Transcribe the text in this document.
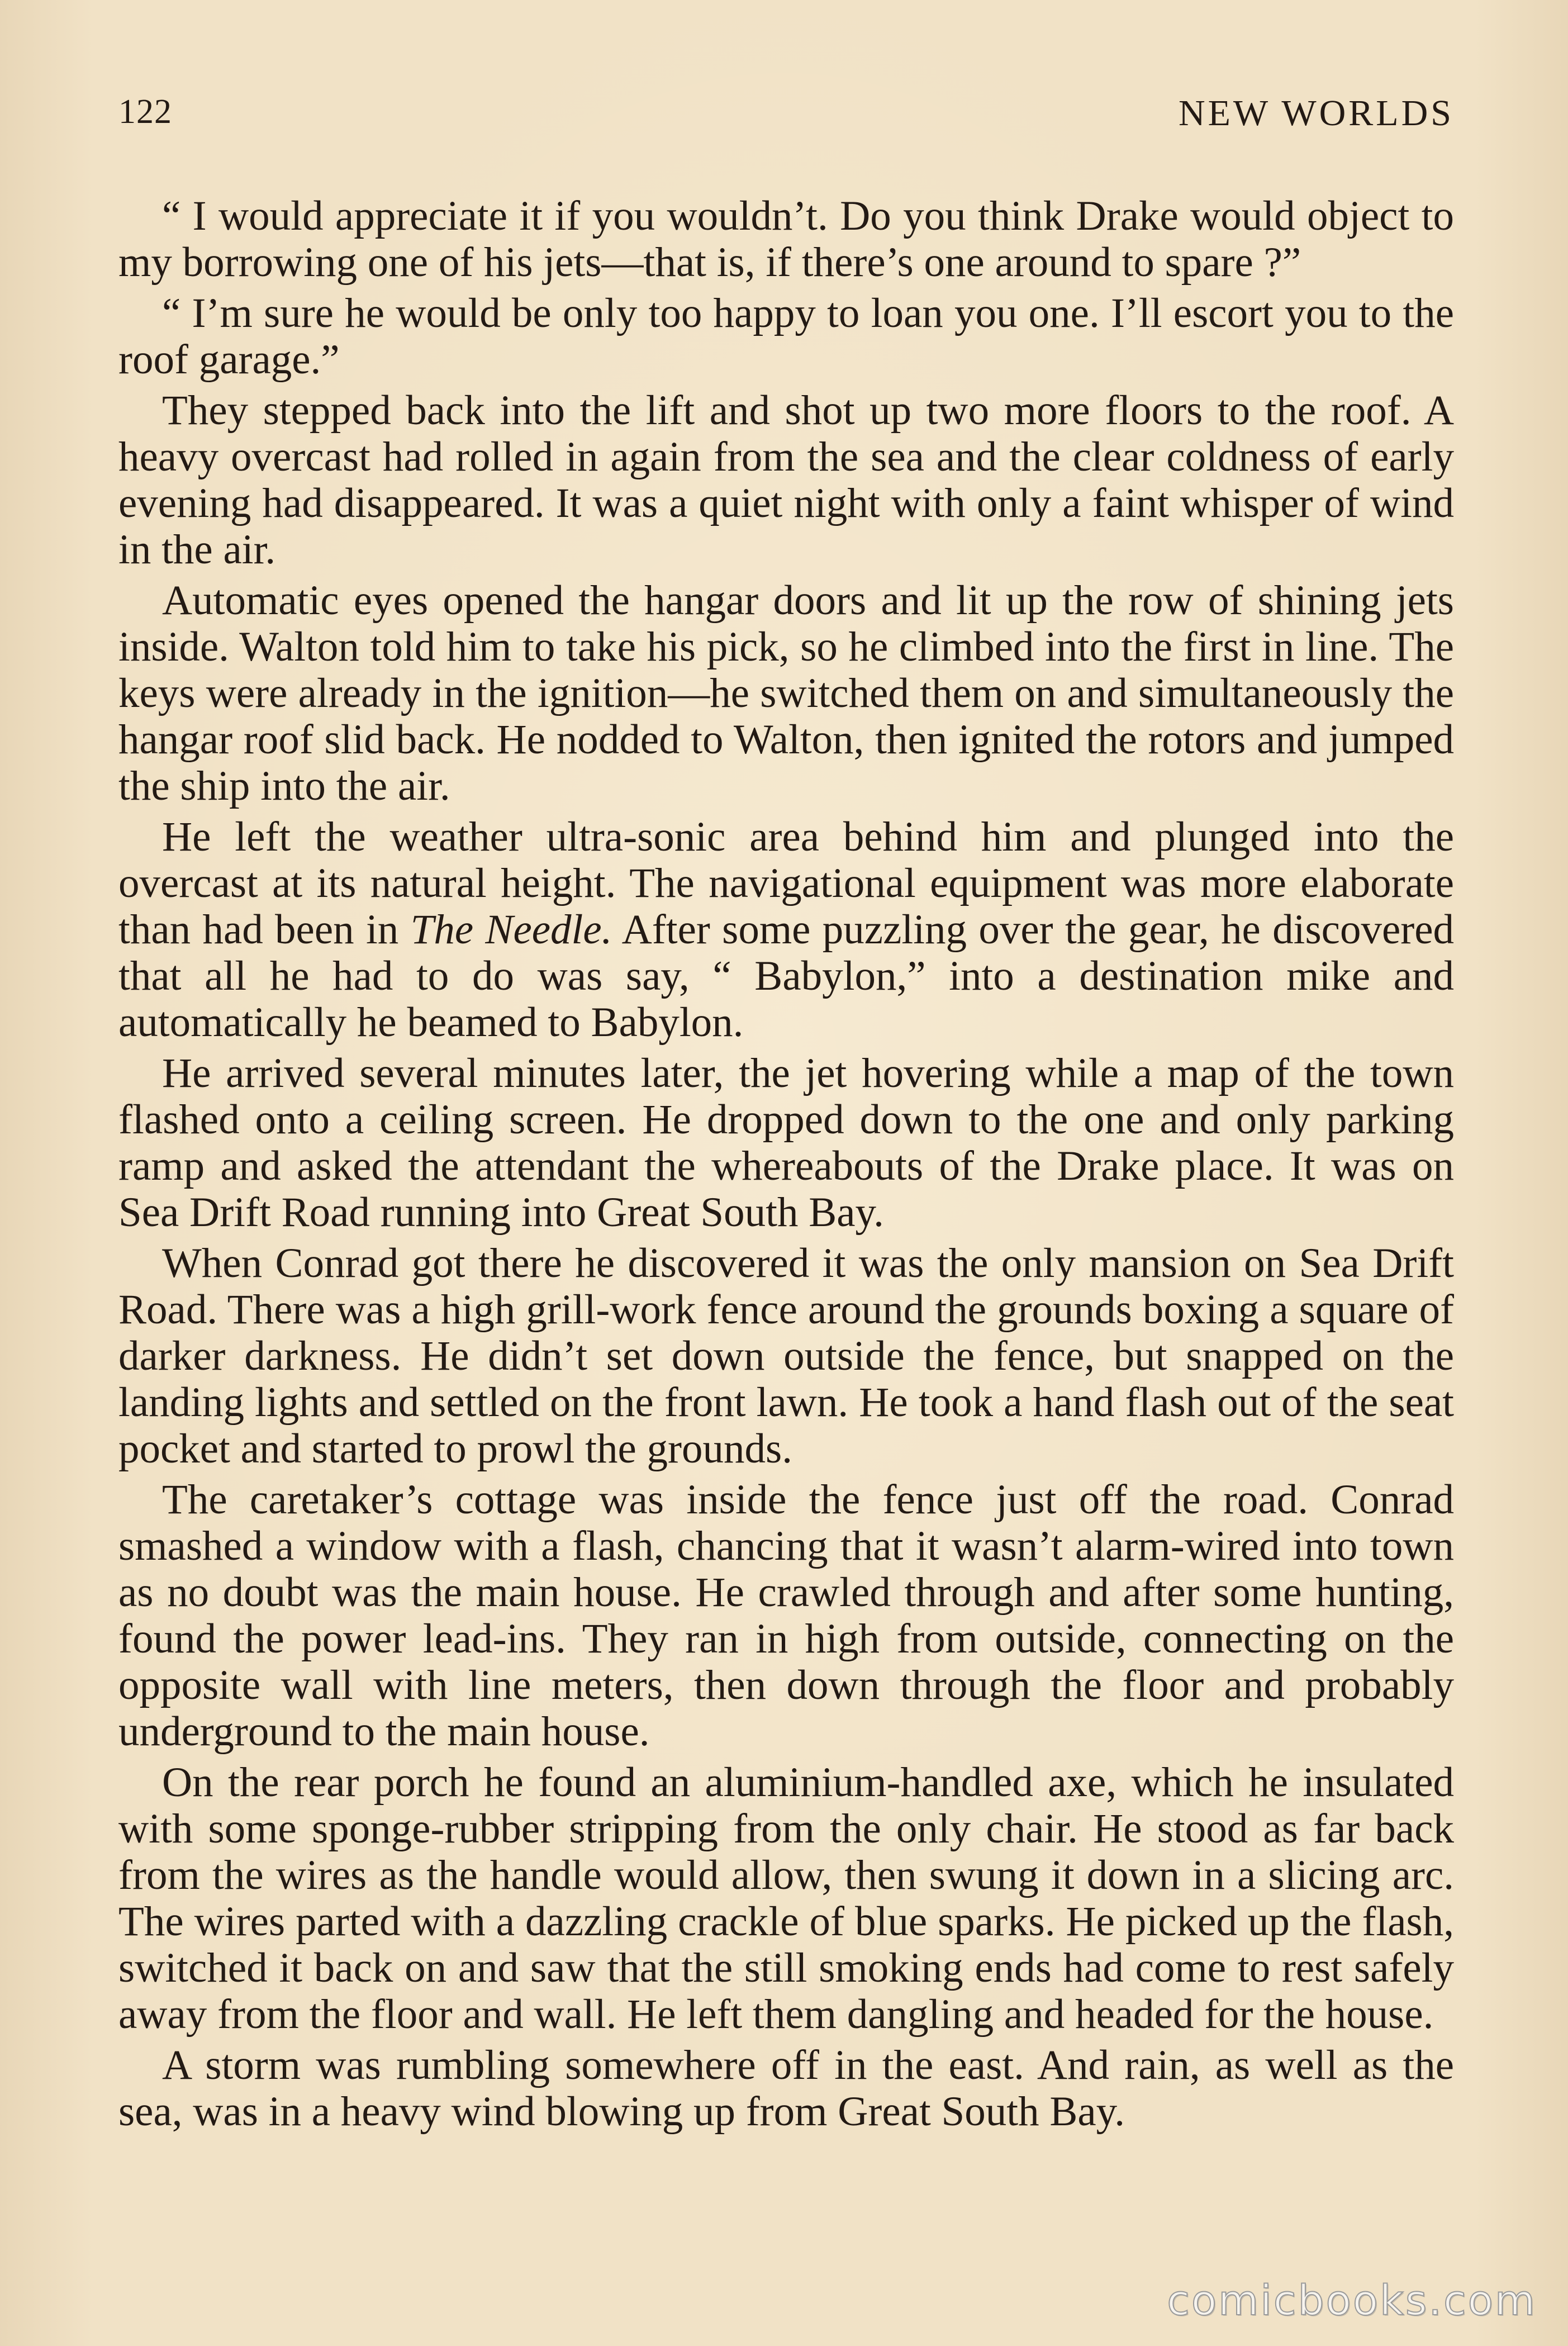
122	NEW WORLDS

“ I would appreciate it if you wouldn’t. Do you think Drake would object to my borrowing one of his jets—that is, if there’s one around to spare ?”

“ I’m sure he would be only too happy to loan you one. I’ll escort you to the roof garage.”

They stepped back into the lift and shot up two more floors to the roof. A heavy overcast had rolled in again from the sea and the clear coldness of early evening had disappeared. It was a quiet night with only a faint whisper of wind in the air.

Automatic eyes opened the hangar doors and lit up the row of shining jets inside. Walton told him to take his pick, so he climbed into the first in line. The keys were already in the ignition—he switched them on and simultaneously the hangar roof slid back. He nodded to Walton, then ignited the rotors and jumped the ship into the air.

He left the weather ultra-sonic area behind him and plunged into the overcast at its natural height. The navigational equipment was more elaborate than had been in The Needle. After some puzzling over the gear, he discovered that all he had to do was say, “ Babylon,” into a destination mike and automatically he beamed to Babylon.

He arrived several minutes later, the jet hovering while a map of the town flashed onto a ceiling screen. He dropped down to the one and only parking ramp and asked the attendant the whereabouts of the Drake place. It was on Sea Drift Road running into Great South Bay.

When Conrad got there he discovered it was the only mansion on Sea Drift Road. There was a high grill-work fence around the grounds boxing a square of darker darkness. He didn’t set down outside the fence, but snapped on the landing lights and settled on the front lawn. He took a hand flash out of the seat pocket and started to prowl the grounds.

The caretaker’s cottage was inside the fence just off the road. Conrad smashed a window with a flash, chancing that it wasn’t alarm-wired into town as no doubt was the main house. He crawled through and after some hunting, found the power lead-ins. They ran in high from outside, connecting on the opposite wall with line meters, then down through the floor and probably underground to the main house.

On the rear porch he found an aluminium-handled axe, which he insulated with some sponge-rubber stripping from the only chair. He stood as far back from the wires as the handle would allow, then swung it down in a slicing arc. The wires parted with a dazzling crackle of blue sparks. He picked up the flash, switched it back on and saw that the still smoking ends had come to rest safely away from the floor and wall. He left them dangling and headed for the house.

A storm was rumbling somewhere off in the east. And rain, as well as the sea, was in a heavy wind blowing up from Great South Bay.

comicbooks.com
